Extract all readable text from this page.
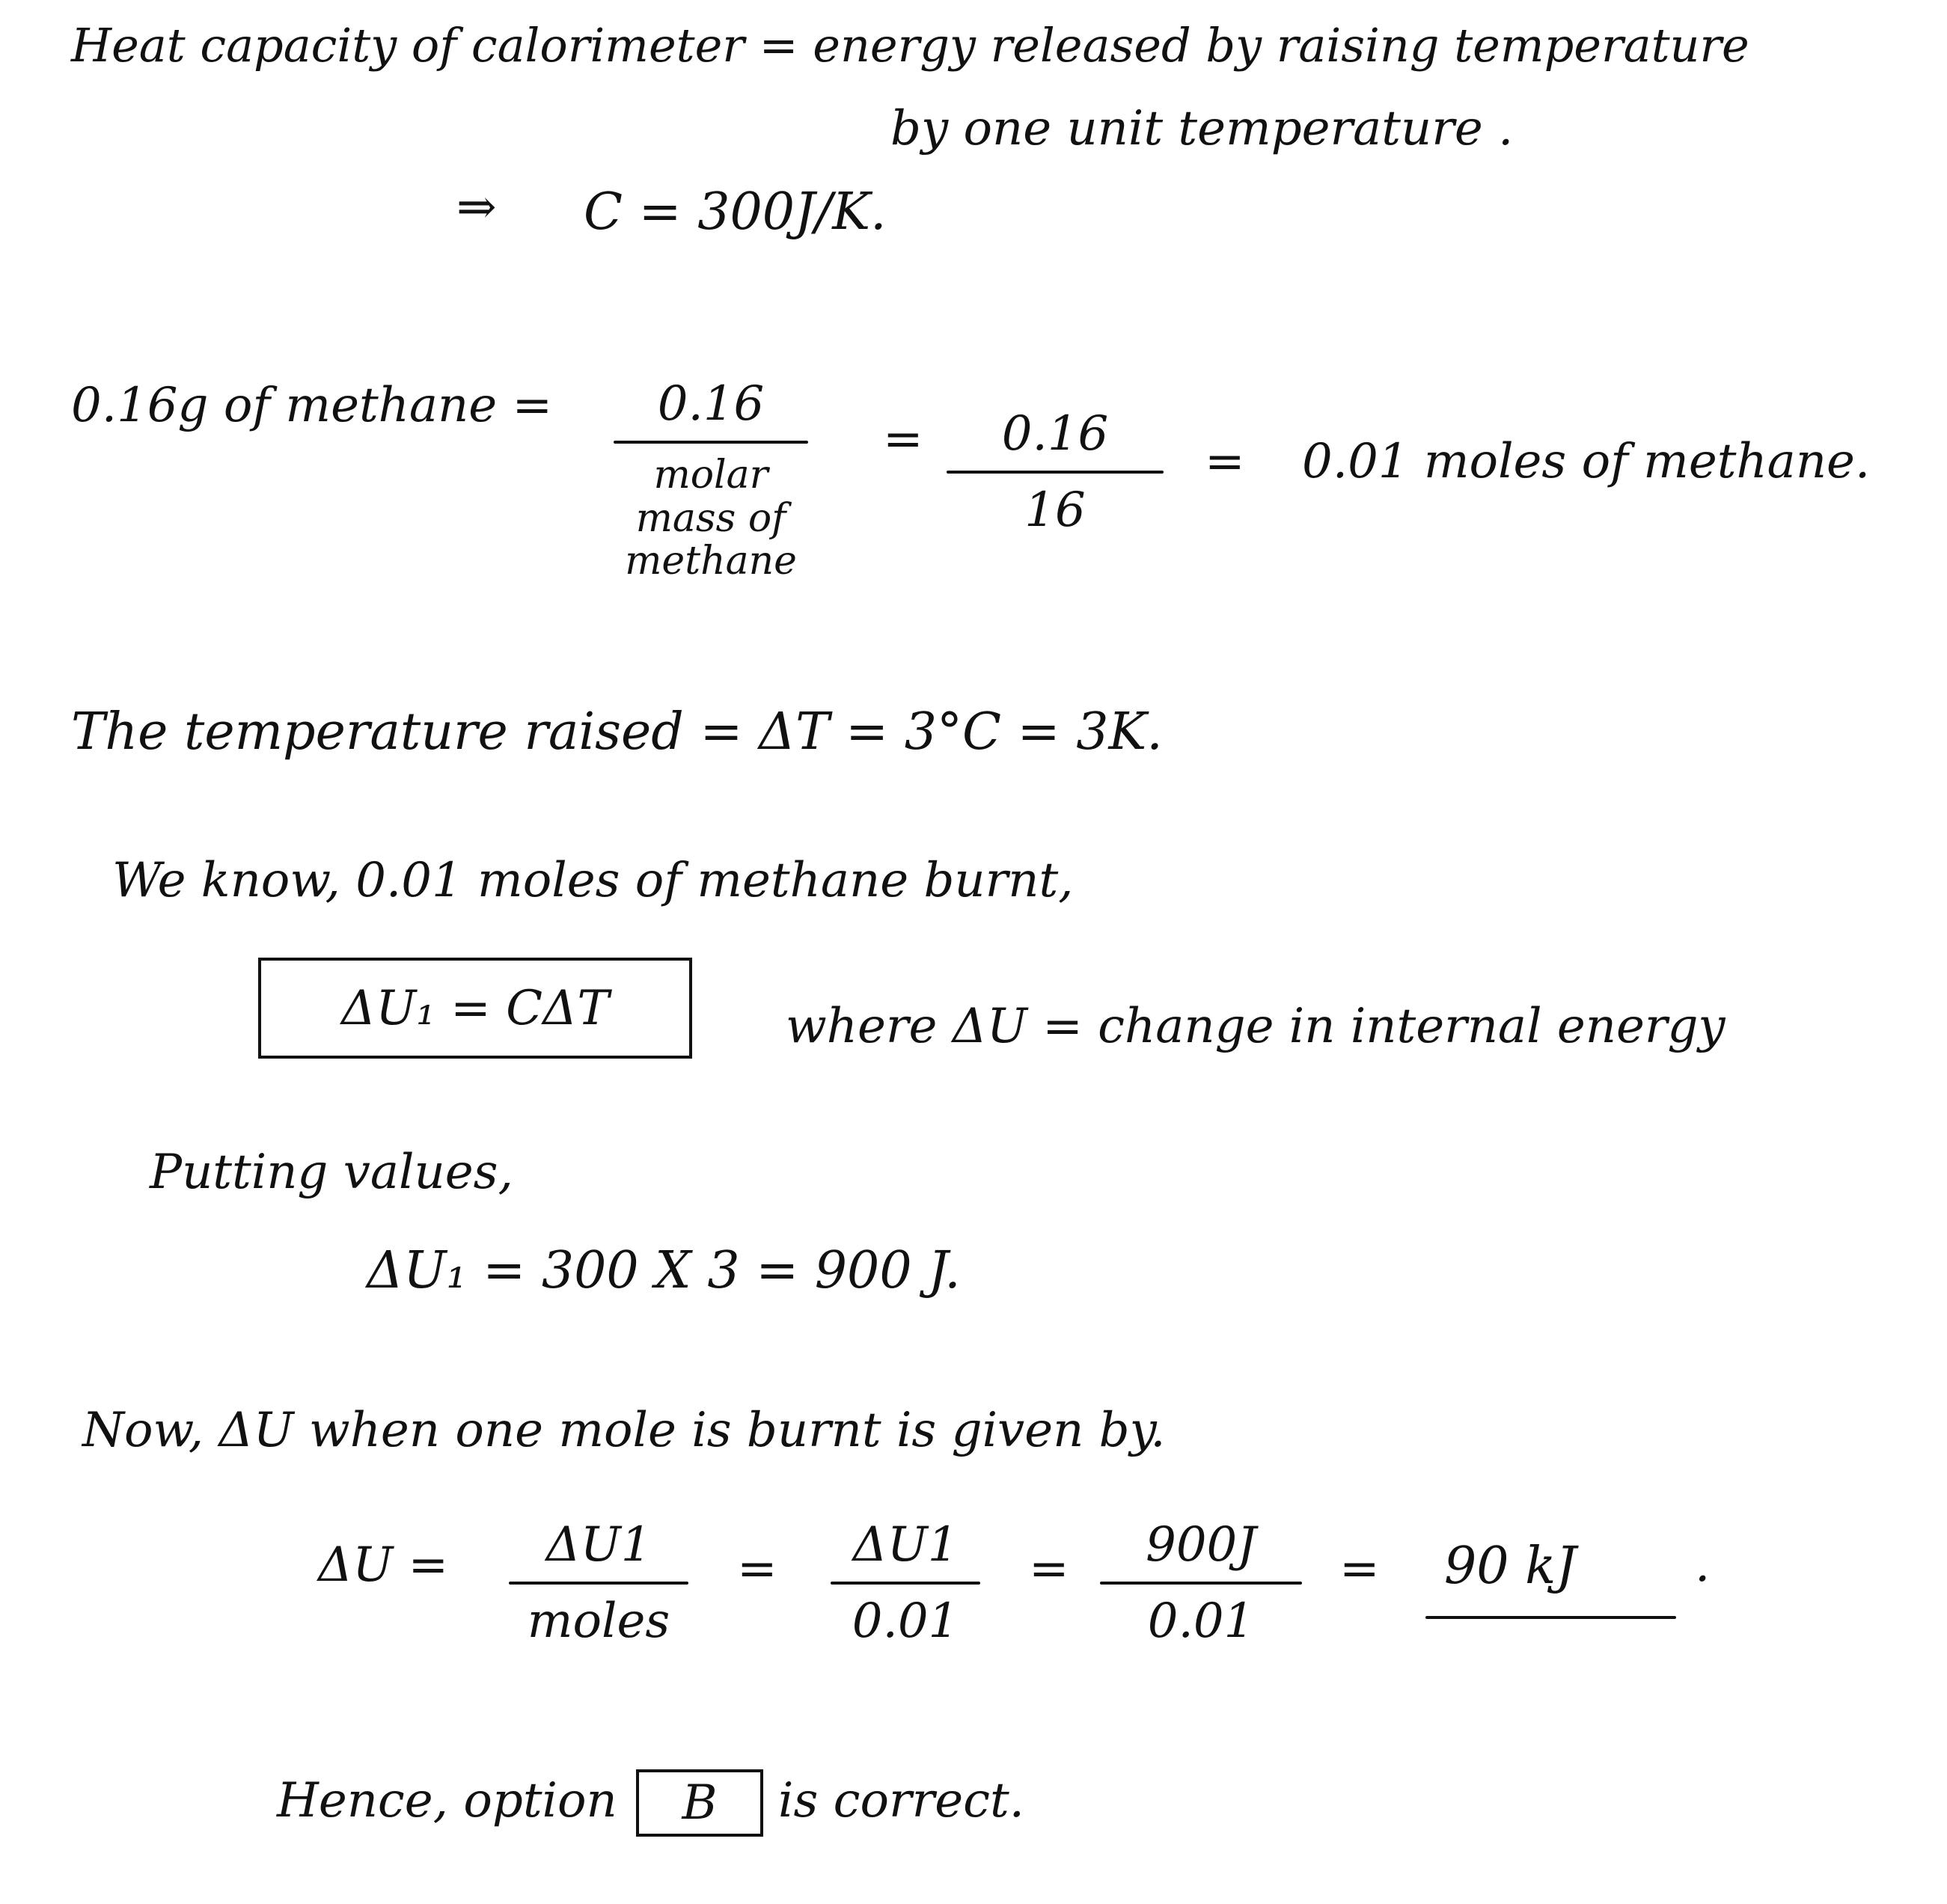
Heat capacity of calorimeter = energy released by raising temperature
by one unit temperature .
⇒ C = 300J/K.
0.16g of methane =	0.16
molar mass of methane
=	0.16
16
= 0.01 moles of methane.
The temperature raised = ΔT = 3°C = 3K.
We know, 0.01 moles of methane burnt,
ΔU₁ = CΔT	where ΔU = change in internal energy
Putting values,
ΔU₁ = 300 X 3 = 900 J.
Now, ΔU when one mole is burnt is given by.
ΔU =	ΔU1
moles
=	ΔU1
0.01
=	900J
0.01
= 90 kJ .
Hence, option	B	is correct.
